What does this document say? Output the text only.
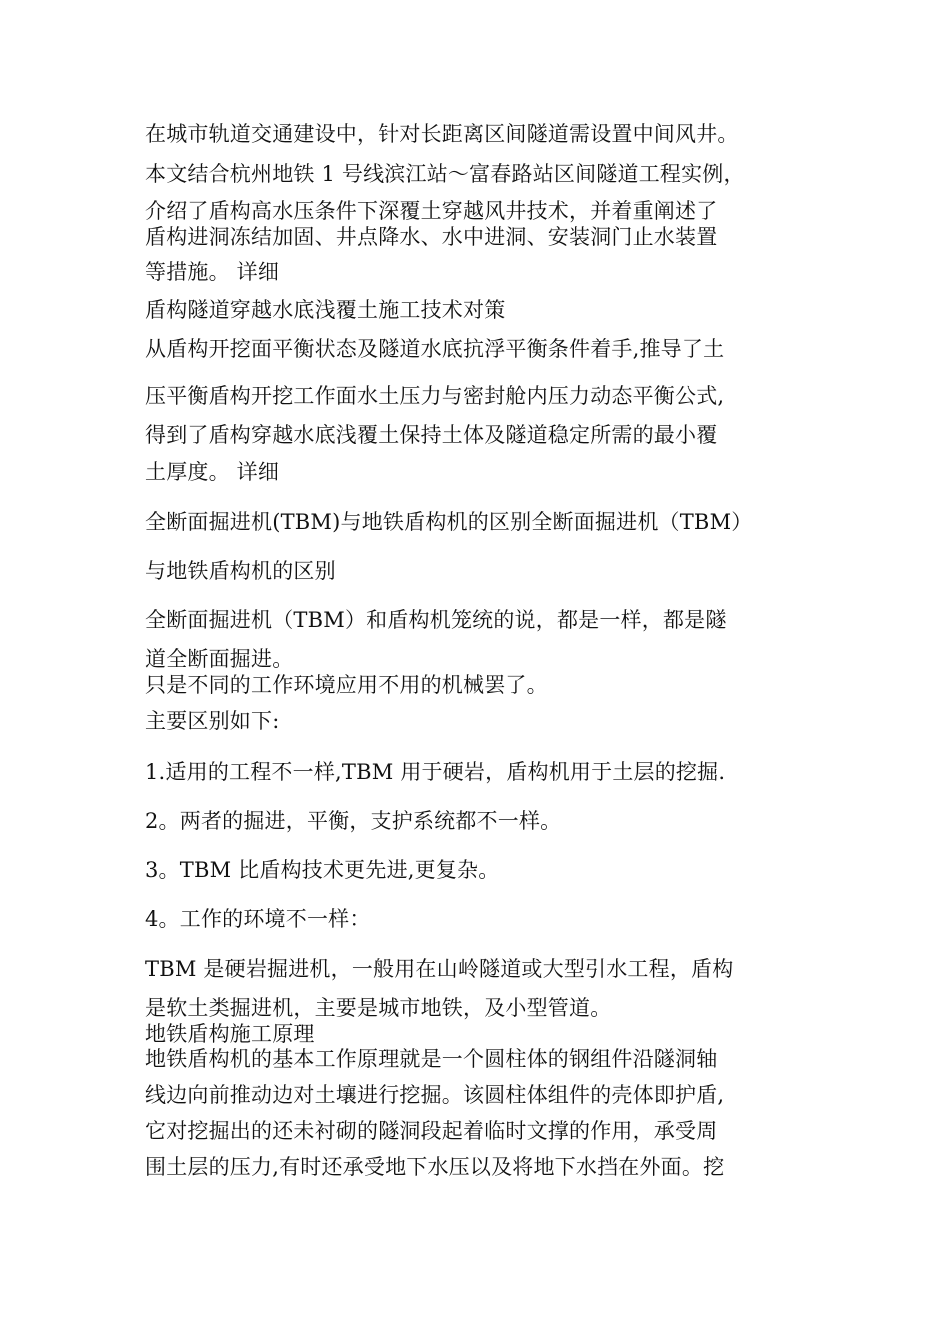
在城市轨道交通建设中，针对长距离区间隧道需设置中间风井。
本文结合杭州地铁 1 号线滨江站～富春路站区间隧道工程实例，
介绍了盾构高水压条件下深覆土穿越风井技术，并着重阐述了
盾构进洞冻结加固、井点降水、水中进洞、安装洞门止水装置
等措施。 详细
盾构隧道穿越水底浅覆土施工技术对策
从盾构开挖面平衡状态及隧道水底抗浮平衡条件着手,推导了土
压平衡盾构开挖工作面水土压力与密封舱内压力动态平衡公式,
得到了盾构穿越水底浅覆土保持土体及隧道稳定所需的最小覆
土厚度。 详细
全断面掘进机(TBM)与地铁盾构机的区别全断面掘进机（TBM）
与地铁盾构机的区别
全断面掘进机（TBM）和盾构机笼统的说，都是一样，都是隧
道全断面掘进。
只是不同的工作环境应用不用的机械罢了。
主要区别如下:
1.适用的工程不一样,TBM 用于硬岩，盾构机用于土层的挖掘.
2。两者的掘进，平衡，支护系统都不一样。
3。TBM 比盾构技术更先进,更复杂。
4。工作的环境不一样：
TBM 是硬岩掘进机，一般用在山岭隧道或大型引水工程，盾构
是软土类掘进机，主要是城市地铁，及小型管道。
地铁盾构施工原理
地铁盾构机的基本工作原理就是一个圆柱体的钢组件沿隧洞轴
线边向前推动边对土壤进行挖掘。该圆柱体组件的壳体即护盾,
它对挖掘出的还未衬砌的隧洞段起着临时文撑的作用，承受周
围土层的压力,有时还承受地下水压以及将地下水挡在外面。挖
